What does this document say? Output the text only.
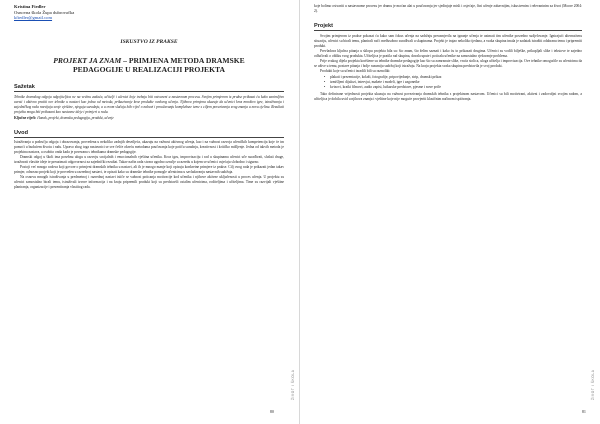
Kristina Fiedler
Osnovna škola Župa dubrovačka
kfiedler@gmail.com
ISKUSTVO IZ PRAKSE
PROJEKT JA ZNAM – PRIMJENA METODA DRAMSKE PEDAGOGIJE U REALIZACIJI PROJEKTA
Sažetak
Tehnike dramskog odgoja odgojiteljica ne na većinu zadaća, učitelji i učenici koje trebaju biti ostvareni u nastavnom procesu. Svojim primjerom iz prakse prikazat ću kako zanimljivo uvesti i aktivno pratiti ove tehnike u nastavi kao jedna od metoda, prikazivanje kroz produkte ovakvog učenja. Njihova primjena ukazuje da učenici kroz mnoštvo igre, istraživanja i zajedničkog rada razvijaju svoje vještine, njeguju suradnju, a u ovom slučaju bilo riječ o nabavi i proučavanju kompleksne teme s ciljem povezivanja svog znanja u novu cjelinu. Rezultati projekta mogu biti prikazani kao nastavne ideje i primjeri u radu.
Ključne riječi: članak, projekt, dramska pedagogija, produkt, učenje
Uvod

Istraživanja u području odgoja i obrazovanja, provedena u nekoliko zadnjih desetljeća, ukazuju na važnost aktivnog učenja, kao i na važnost razvoja učeničkih kompetencija koje će im pomoći u budućem životu i radu. Upravo zbog toga nastavnici se sve češće okreću metodama poučavanja koje potiču suradnju, kreativnost i kritičko mišljenje. Jedna od takvih metoda je projektna nastava, a osobito onda kada je povezana s tehnikama dramske pedagogije.

Dramski odgoj u školi ima posebnu ulogu u razvoju socijalnih i emocionalnih vještina učenika. Kroz igru, improvizaciju i rad u skupinama učenici uče surađivati, slušati druge, izražavati vlastite ideje te preuzimati odgovornost za zajednički rezultat. Takav način rada stvara ugodno ozračje u razredu u kojem se učenici osjećaju slobodno i sigurno.

Postoji već mnogo radova koji govore o primjeni dramskih tehnika u nastavi, ali ih je mnogo manje koji opisuju konkretne primjere iz prakse. Cilj ovog rada je prikazati jedan takav primjer, odnosno projekt koji je proveden u razrednoj nastavi, te opisati kako su dramske tehnike pomogle učenicima u savladavanju nastavnih sadržaja.

Na osnovu mnogih istraživanja u predmetnoj i razrednoj nastavi ističe se važnost poticanja motivacije kod učenika i njihove aktivne uključenosti u proces učenja. U projektu su učenici samostalno birali temu, istraživali izvore informacija i na kraju pripremili produkt koji su predstavili ostalim učenicima, roditeljima i učiteljima. Time su razvijali vještine planiranja, organizacije i prezentiranja vlastitog rada.

ŽIVOT I ŠKOLA
80

koje bolimo ostvariti u nastavnome procesu jer dramu je moćan alat u poučavanju jer sjedinjuje misli i osjećaje, čini učenje zabavnijim, iskustvenim i relevantnim za život (Moore 2004: 2).

Projekt

Svojim primjerom iz prakse pokazat ću kako sam fokus učenja na sadržaju preusmjerila na ignanje učenja te uzimati tim učenike posredno sudjelovanje. Ignirajući alternativnu situaciju, učenici su birali temu, planirali rad i međusobno surađivali u skupinama. Projekt je trajao nekoliko tjedana, a svaka skupina imala je zadatak istražiti odabranu temu i pripremiti produkt.

Prevladava ključna pitanja u sklopu projekta bila su: što znam, što želim saznati i kako ću to prikazati drugima. Učenici su vodili bilješke, prikupljali slike i tekstove te zajedno odlučivali o obliku svog produkta. Učiteljica je pratila rad skupina, davala upute i poticala učenike na samostalno rješavanje problema.

Prije svakog dijela projekta korištene su tehnike dramske pedagogije kao što su zamrznute slike, vruća stolica, uloga učitelja i improvizacija. Ove tehnike omogućile su učenicima da se užive u temu, postave pitanja i bolje razumiju sadržaj koji istražuju. Na kraju projekta svaka skupina predstavila je svoj produkt.

Produkti koje su učenici izradili bili su raznoliki:

• plakati i prezentacije, kolaži, fotografije, pripovijedanje, strip, dramski prikaz
• izmišljeni dijalozi, intervjui, makete i modeli, igre i zagonetke
• kvizovi, kratki filmovi, audio zapisi, lutkarske predstave, pjesme i nove priče

Tako definirane vrijednosti projekta ukazuju na važnost povezivanja dramskih tehnika s projektnom nastavom. Učenici su bili motivirani, aktivni i zadovoljni svojim radom, a učiteljica je dobila uvid u njihova znanja i vještine koje nije moguće provjeriti klasičnim načinom ispitivanja.

ŽIVOT I ŠKOLA
81
